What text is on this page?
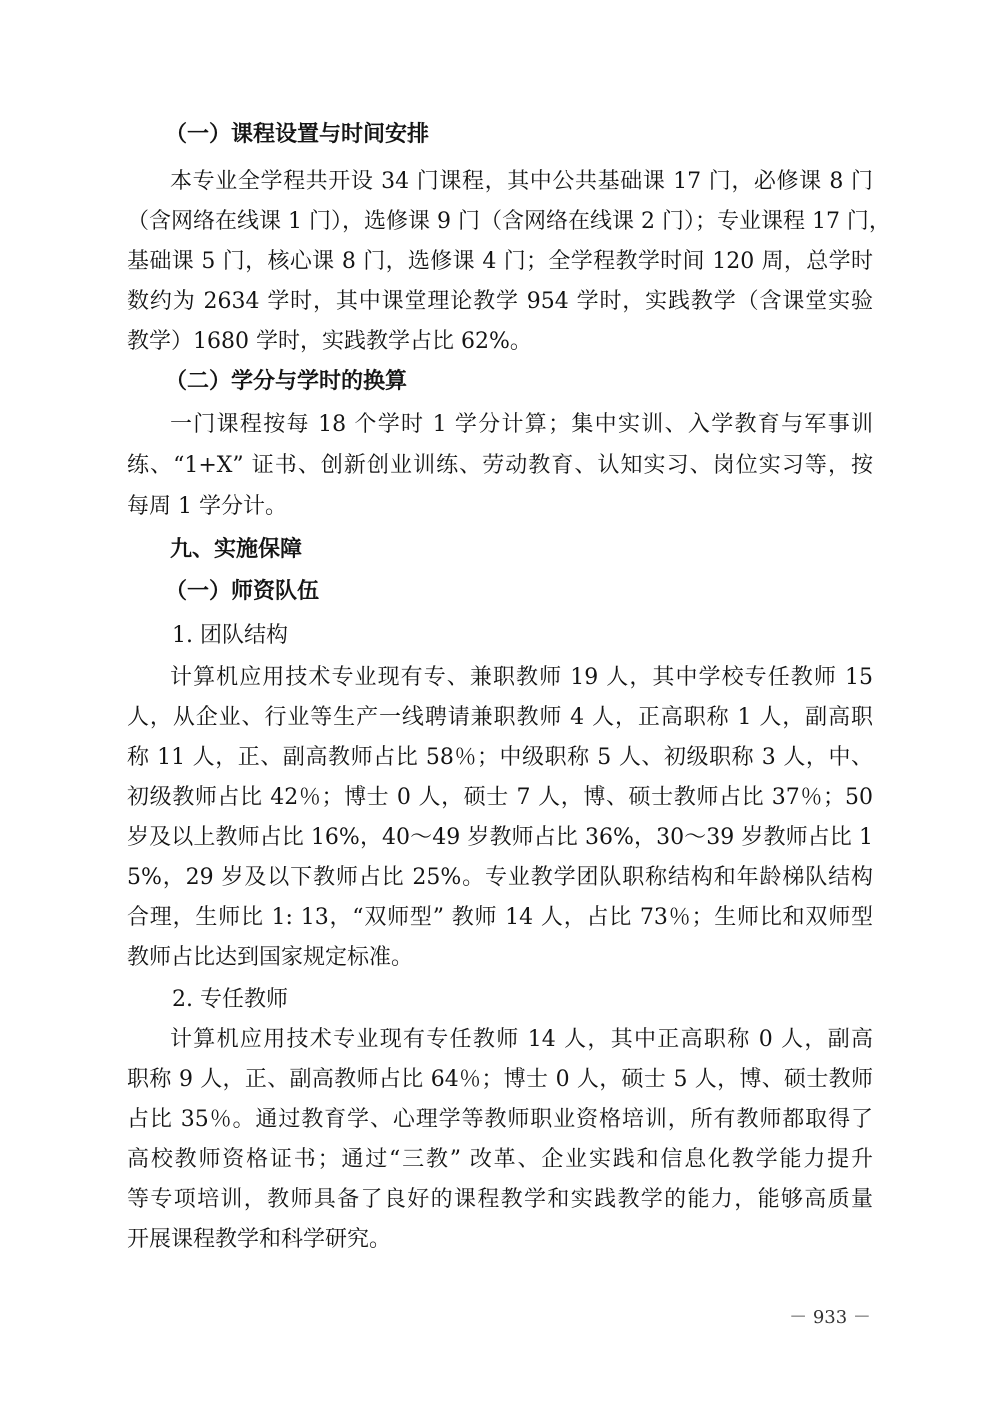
（一）课程设置与时间安排
本专业全学程共开设 34 门课程，其中公共基础课 17 门，必修课 8 门
（含网络在线课 1 门），选修课 9 门（含网络在线课 2 门）；专业课程 17 门，
基础课 5 门，核心课 8 门，选修课 4 门；全学程教学时间 120 周，总学时
数约为 2634 学时，其中课堂理论教学 954 学时，实践教学（含课堂实验
教学）1680 学时，实践教学占比 62%。
（二）学分与学时的换算
一门课程按每 18 个学时 1 学分计算；集中实训、入学教育与军事训
练、“1+X” 证书、创新创业训练、劳动教育、认知实习、岗位实习等，按
每周 1 学分计。
九、实施保障
（一）师资队伍
1. 团队结构
计算机应用技术专业现有专、兼职教师 19 人，其中学校专任教师 15
人，从企业、行业等生产一线聘请兼职教师 4 人，正高职称 1 人，副高职
称 11 人，正、副高教师占比 58％；中级职称 5 人、初级职称 3 人，中、
初级教师占比 42％；博士 0 人，硕士 7 人，博、硕士教师占比 37％；50
岁及以上教师占比 16%，40～49 岁教师占比 36%，30～39 岁教师占比 1
5%，29 岁及以下教师占比 25%。专业教学团队职称结构和年龄梯队结构
合理，生师比 1: 13，“双师型” 教师 14 人，占比 73％；生师比和双师型
教师占比达到国家规定标准。
2. 专任教师
计算机应用技术专业现有专任教师 14 人，其中正高职称 0 人，副高
职称 9 人，正、副高教师占比 64％；博士 0 人，硕士 5 人，博、硕士教师
占比 35％。通过教育学、心理学等教师职业资格培训，所有教师都取得了
高校教师资格证书；通过“三教” 改革、企业实践和信息化教学能力提升
等专项培训，教师具备了良好的课程教学和实践教学的能力，能够高质量
开展课程教学和科学研究。
－ 933 －
